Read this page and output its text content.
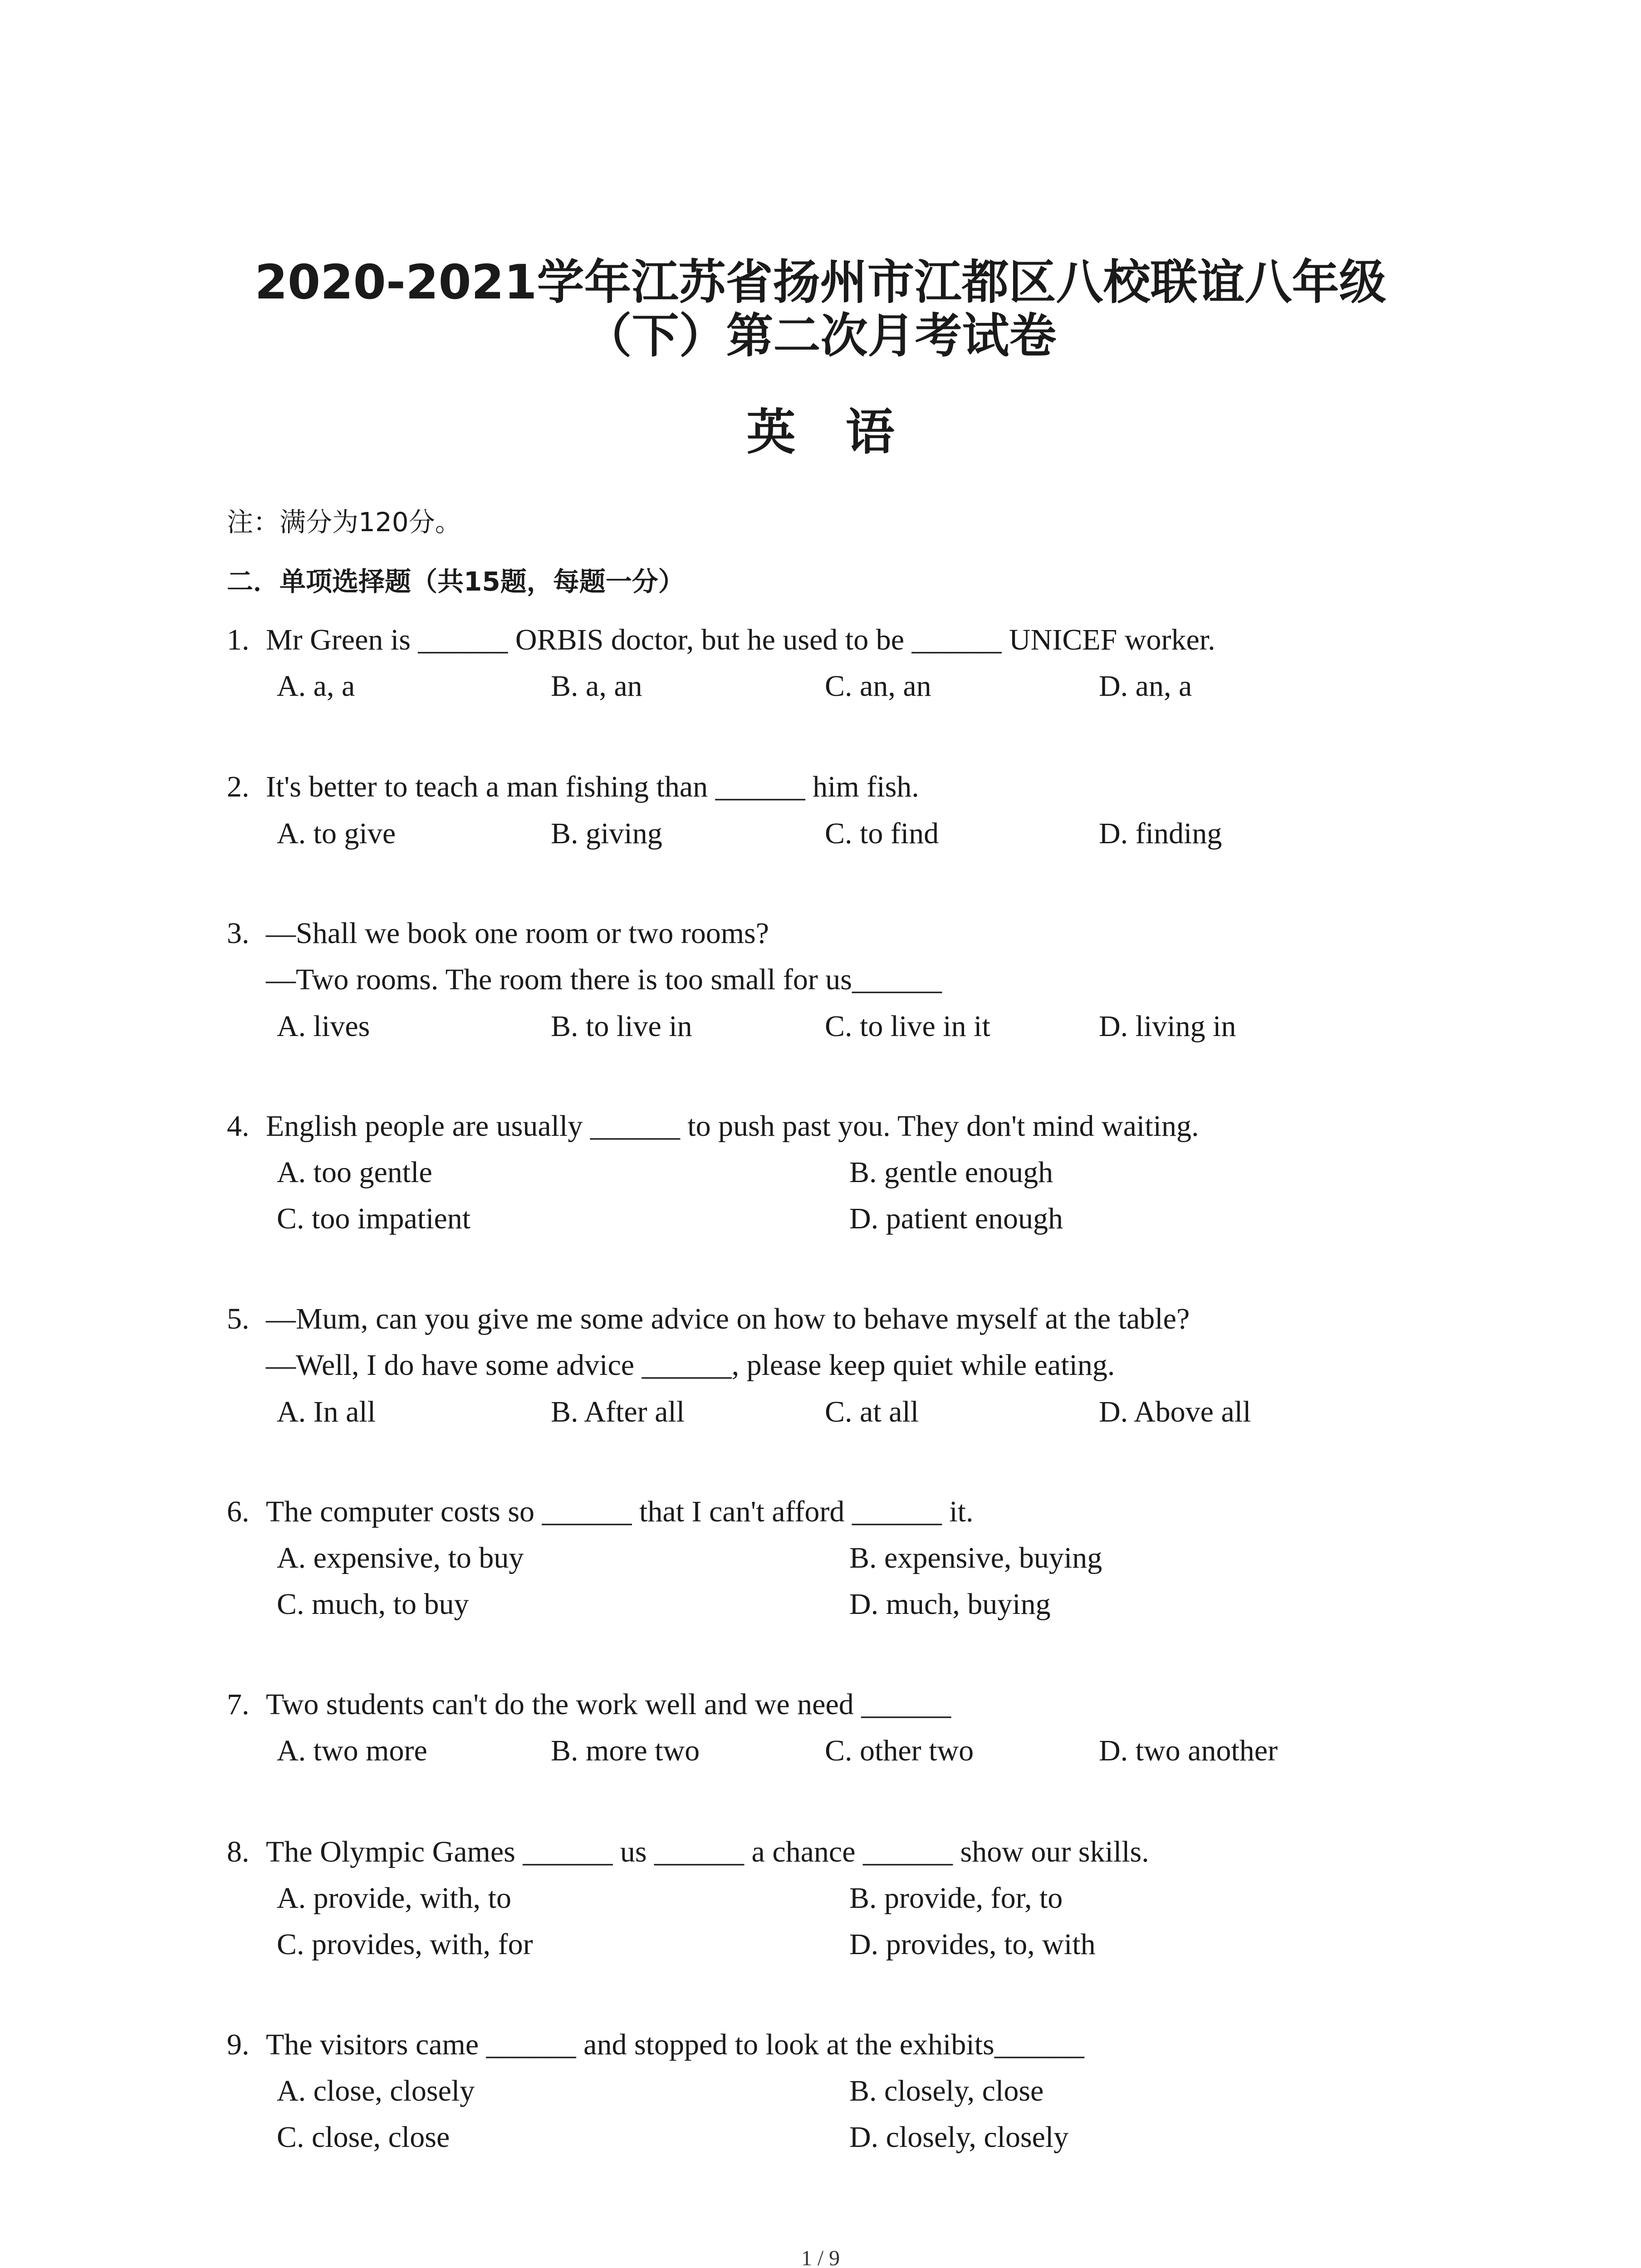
2020-2021学年江苏省扬州市江都区八校联谊八年级
（下）第二次月考试卷
英语
注：满分为120分。
二．单项选择题（共15题，每题一分）
1. Mr Green is ______ ORBIS doctor, but he used to be ______ UNICEF worker.
A. a, a	B. a, an	C. an, an	D. an, a
2. It's better to teach a man fishing than ______ him fish.
A. to give	B. giving	C. to find	D. finding
3. —Shall we book one room or two rooms?
—Two rooms. The room there is too small for us______
A. lives	B. to live in	C. to live in it	D. living in
4. English people are usually ______ to push past you. They don't mind waiting.
A. too gentle	B. gentle enough
C. too impatient	D. patient enough
5. —Mum, can you give me some advice on how to behave myself at the table?
—Well, I do have some advice ______, please keep quiet while eating.
A. In all	B. After all	C. at all	D. Above all
6. The computer costs so ______ that I can't afford ______ it.
A. expensive, to buy	B. expensive, buying
C. much, to buy	D. much, buying
7. Two students can't do the work well and we need ______
A. two more	B. more two	C. other two	D. two another
8. The Olympic Games ______ us ______ a chance ______ show our skills.
A. provide, with, to	B. provide, for, to
C. provides, with, for	D. provides, to, with
9. The visitors came ______ and stopped to look at the exhibits______
A. close, closely	B. closely, close
C. close, close	D. closely, closely
1 / 9
